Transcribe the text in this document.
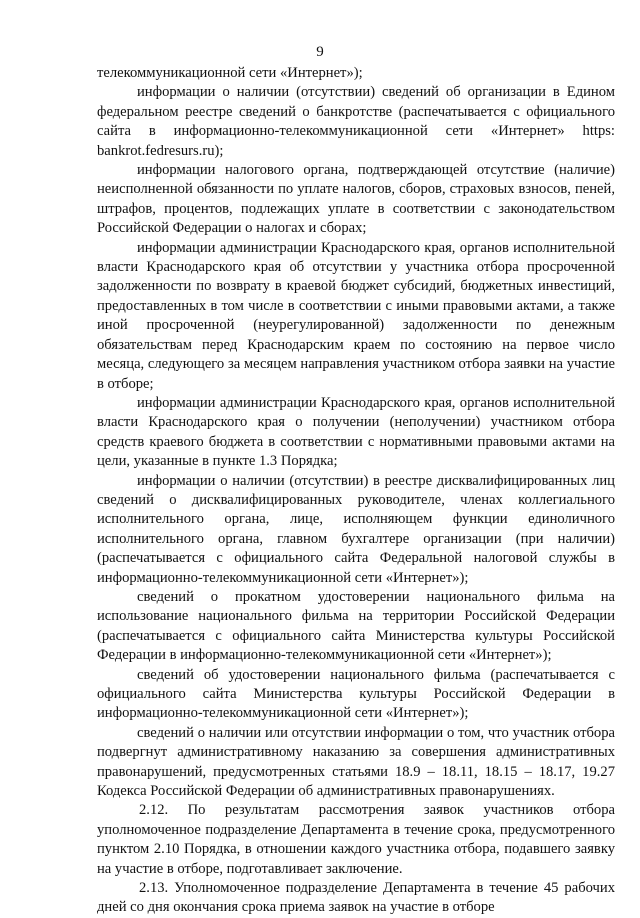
9

телекоммуникационной сети «Интернет»);

информации о наличии (отсутствии) сведений об организации в Едином федеральном реестре сведений о банкротстве (распечатывается с официального сайта в информационно-телекоммуникационной сети «Интернет» https: bankrot.fedresurs.ru);

информации налогового органа, подтверждающей отсутствие (наличие) неисполненной обязанности по уплате налогов, сборов, страховых взносов, пеней, штрафов, процентов, подлежащих уплате в соответствии с законодательством Российской Федерации о налогах и сборах;

информации администрации Краснодарского края, органов исполнительной власти Краснодарского края об отсутствии у участника отбора просроченной задолженности по возврату в краевой бюджет субсидий, бюджетных инвестиций, предоставленных в том числе в соответствии с иными правовыми актами, а также иной просроченной (неурегулированной) задолженности по денежным обязательствам перед Краснодарским краем по состоянию на первое число месяца, следующего за месяцем направления участником отбора заявки на участие в отборе;

информации администрации Краснодарского края, органов исполнительной власти Краснодарского края о получении (неполучении) участником отбора средств краевого бюджета в соответствии с нормативными правовыми актами на цели, указанные в пункте 1.3 Порядка;

информации о наличии (отсутствии) в реестре дисквалифицированных лиц сведений о дисквалифицированных руководителе, членах коллегиального исполнительного органа, лице, исполняющем функции единоличного исполнительного органа, главном бухгалтере организации (при наличии) (распечатывается с официального сайта Федеральной налоговой службы в информационно-телекоммуникационной сети «Интернет»);

сведений о прокатном удостоверении национального фильма на использование национального фильма на территории Российской Федерации (распечатывается с официального сайта Министерства культуры Российской Федерации в информационно-телекоммуникационной сети «Интернет»);

сведений об удостоверении национального фильма (распечатывается с официального сайта Министерства культуры Российской Федерации в информационно-телекоммуникационной сети «Интернет»);

сведений о наличии или отсутствии информации о том, что участник отбора подвергнут административному наказанию за совершения административных правонарушений, предусмотренных статьями 18.9 – 18.11, 18.15 – 18.17, 19.27 Кодекса Российской Федерации об административных правонарушениях.

2.12. По результатам рассмотрения заявок участников отбора уполномоченное подразделение Департамента в течение срока, предусмотренного пунктом 2.10 Порядка, в отношении каждого участника отбора, подавшего заявку на участие в отборе, подготавливает заключение.

2.13. Уполномоченное подразделение Департамента в течение 45 рабочих дней со дня окончания срока приема заявок на участие в отборе
